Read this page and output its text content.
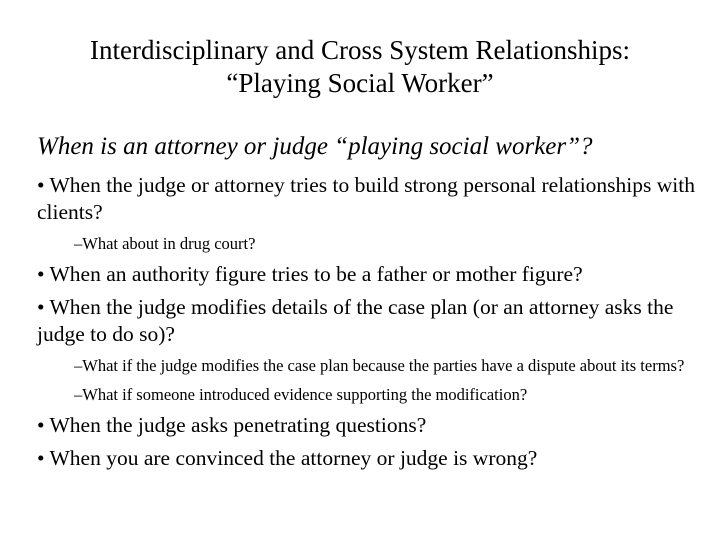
Interdisciplinary and Cross System Relationships:
“Playing Social Worker”
When is an attorney or judge “playing social worker”?
• When the judge or attorney tries to build strong personal relationships with clients?
–What about in drug court?
• When an authority figure tries to be a father or mother figure?
• When the judge modifies details of the case plan (or an attorney asks the judge to do so)?
–What if the judge modifies the case plan because the parties have a dispute about its terms?
–What if someone introduced evidence supporting the modification?
• When the judge asks penetrating questions?
• When you are convinced the attorney or judge is wrong?
